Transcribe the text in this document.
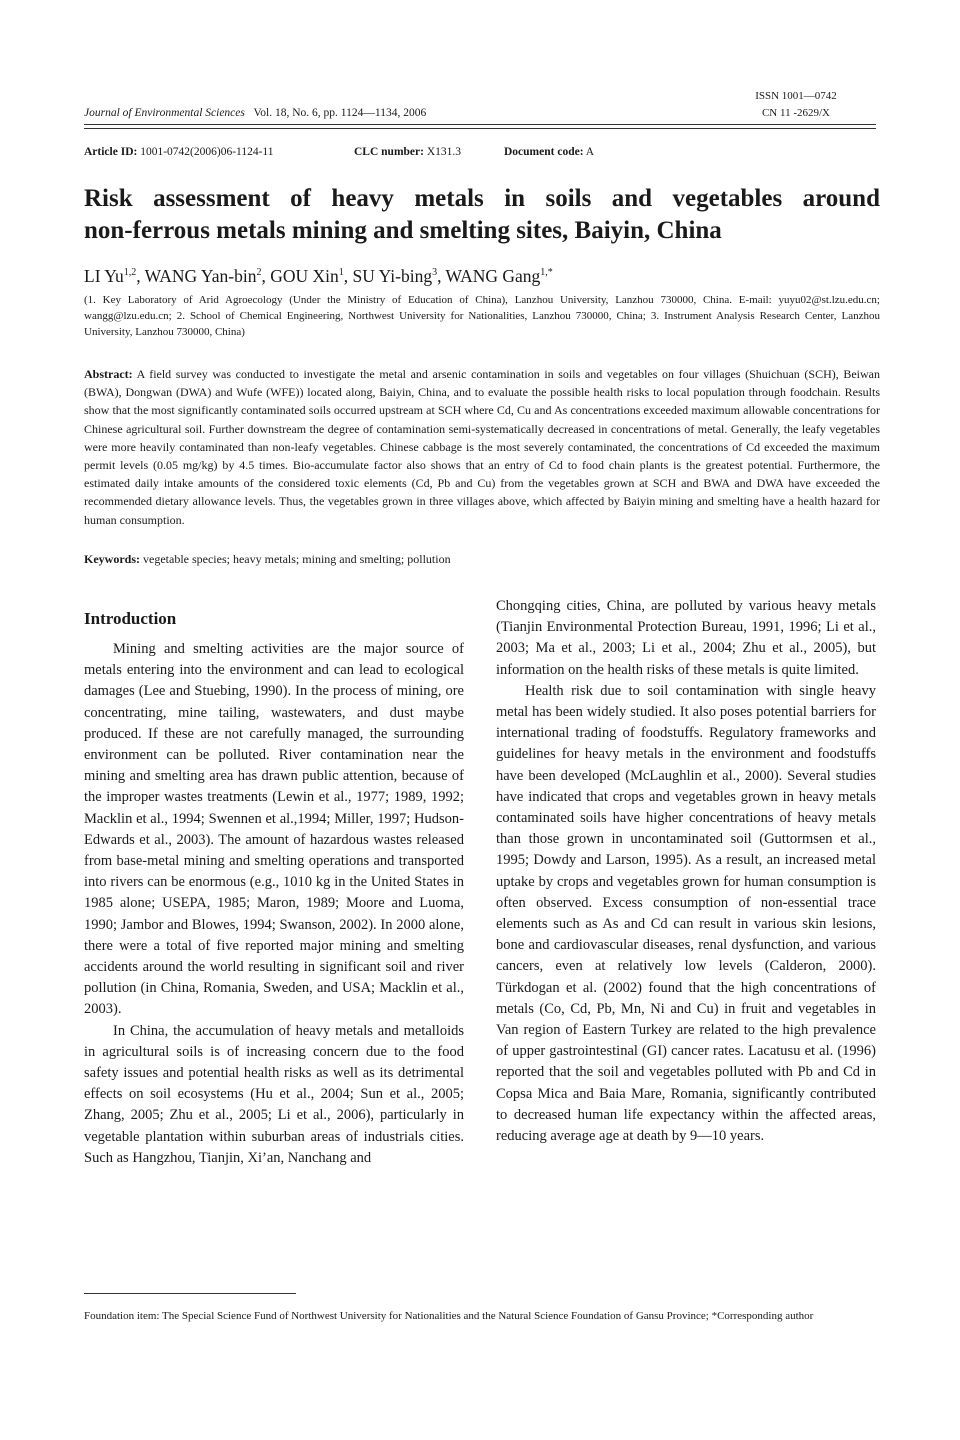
ISSN 1001—0742
CN 11 -2629/X
Journal of Environmental Sciences Vol. 18, No. 6, pp. 1124—1134, 2006
Article ID: 1001-0742(2006)06-1124-11	CLC number: X131.3	Document code: A
Risk assessment of heavy metals in soils and vegetables around
non-ferrous metals mining and smelting sites, Baiyin, China
LI Yu$^{1,2}$, WANG Yan-bin$^2$, GOU Xin$^1$, SU Yi-bing$^3$, WANG Gang$^{1,*}$

(1. Key Laboratory of Arid Agroecology (Under the Ministry of Education of China), Lanzhou University, Lanzhou 730000, China. E-mail: yuyu02@st.lzu.edu.cn; wangg@lzu.edu.cn; 2. School of Chemical Engineering, Northwest University for Nationalities, Lanzhou 730000, China; 3. Instrument Analysis Research Center, Lanzhou University, Lanzhou 730000, China)

Abstract: A field survey was conducted to investigate the metal and arsenic contamination in soils and vegetables on four villages (Shuichuan (SCH), Beiwan (BWA), Dongwan (DWA) and Wufe (WFE)) located along, Baiyin, China, and to evaluate the possible health risks to local population through foodchain. Results show that the most significantly contaminated soils occurred upstream at SCH where Cd, Cu and As concentrations exceeded maximum allowable concentrations for Chinese agricultural soil. Further downstream the degree of contamination semi-systematically decreased in concentrations of metal. Generally, the leafy vegetables were more heavily contaminated than non-leafy vegetables. Chinese cabbage is the most severely contaminated, the concentrations of Cd exceeded the maximum permit levels (0.05 mg/kg) by 4.5 times. Bio-accumulate factor also shows that an entry of Cd to food chain plants is the greatest potential. Furthermore, the estimated daily intake amounts of the considered toxic elements (Cd, Pb and Cu) from the vegetables grown at SCH and BWA and DWA have exceeded the recommended dietary allowance levels. Thus, the vegetables grown in three villages above, which affected by Baiyin mining and smelting have a health hazard for human consumption.

Keywords: vegetable species; heavy metals; mining and smelting; pollution

Introduction

Mining and smelting activities are the major source of metals entering into the environment and can lead to ecological damages (Lee and Stuebing, 1990). In the process of mining, ore concentrating, mine tailing, wastewaters, and dust maybe produced. If these are not carefully managed, the surrounding environment can be polluted. River contamination near the mining and smelting area has drawn public attention, because of the improper wastes treatments (Lewin et al., 1977; 1989, 1992; Macklin et al., 1994; Swennen et al.,1994; Miller, 1997; Hudson-Edwards et al., 2003). The amount of hazardous wastes released from base-metal mining and smelting operations and transported into rivers can be enormous (e.g., 1010 kg in the United States in 1985 alone; USEPA, 1985; Maron, 1989; Moore and Luoma, 1990; Jambor and Blowes, 1994; Swanson, 2002). In 2000 alone, there were a total of five reported major mining and smelting accidents around the world resulting in significant soil and river pollution (in China, Romania, Sweden, and USA; Macklin et al., 2003).

In China, the accumulation of heavy metals and metalloids in agricultural soils is of increasing concern due to the food safety issues and potential health risks as well as its detrimental effects on soil ecosystems (Hu et al., 2004; Sun et al., 2005; Zhang, 2005; Zhu et al., 2005; Li et al., 2006), particularly in vegetable plantation within suburban areas of industrials cities. Such as Hangzhou, Tianjin, Xi’an, Nanchang and

Chongqing cities, China, are polluted by various heavy metals (Tianjin Environmental Protection Bureau, 1991, 1996; Li et al., 2003; Ma et al., 2003; Li et al., 2004; Zhu et al., 2005), but information on the health risks of these metals is quite limited.

Health risk due to soil contamination with single heavy metal has been widely studied. It also poses potential barriers for international trading of foodstuffs. Regulatory frameworks and guidelines for heavy metals in the environment and foodstuffs have been developed (McLaughlin et al., 2000). Several studies have indicated that crops and vegetables grown in heavy metals contaminated soils have higher concentrations of heavy metals than those grown in uncontaminated soil (Guttormsen et al., 1995; Dowdy and Larson, 1995). As a result, an increased metal uptake by crops and vegetables grown for human consumption is often observed. Excess consumption of non-essential trace elements such as As and Cd can result in various skin lesions, bone and cardiovascular diseases, renal dysfunction, and various cancers, even at relatively low levels (Calderon, 2000). Türkdogan et al. (2002) found that the high concentrations of metals (Co, Cd, Pb, Mn, Ni and Cu) in fruit and vegetables in Van region of Eastern Turkey are related to the high prevalence of upper gastrointestinal (GI) cancer rates. Lacatusu et al. (1996) reported that the soil and vegetables polluted with Pb and Cd in Copsa Mica and Baia Mare, Romania, significantly contributed to decreased human life expectancy within the affected areas, reducing average age at death by 9—10 years.

Foundation item: The Special Science Fund of Northwest University for Nationalities and the Natural Science Foundation of Gansu Province; *Corresponding author
